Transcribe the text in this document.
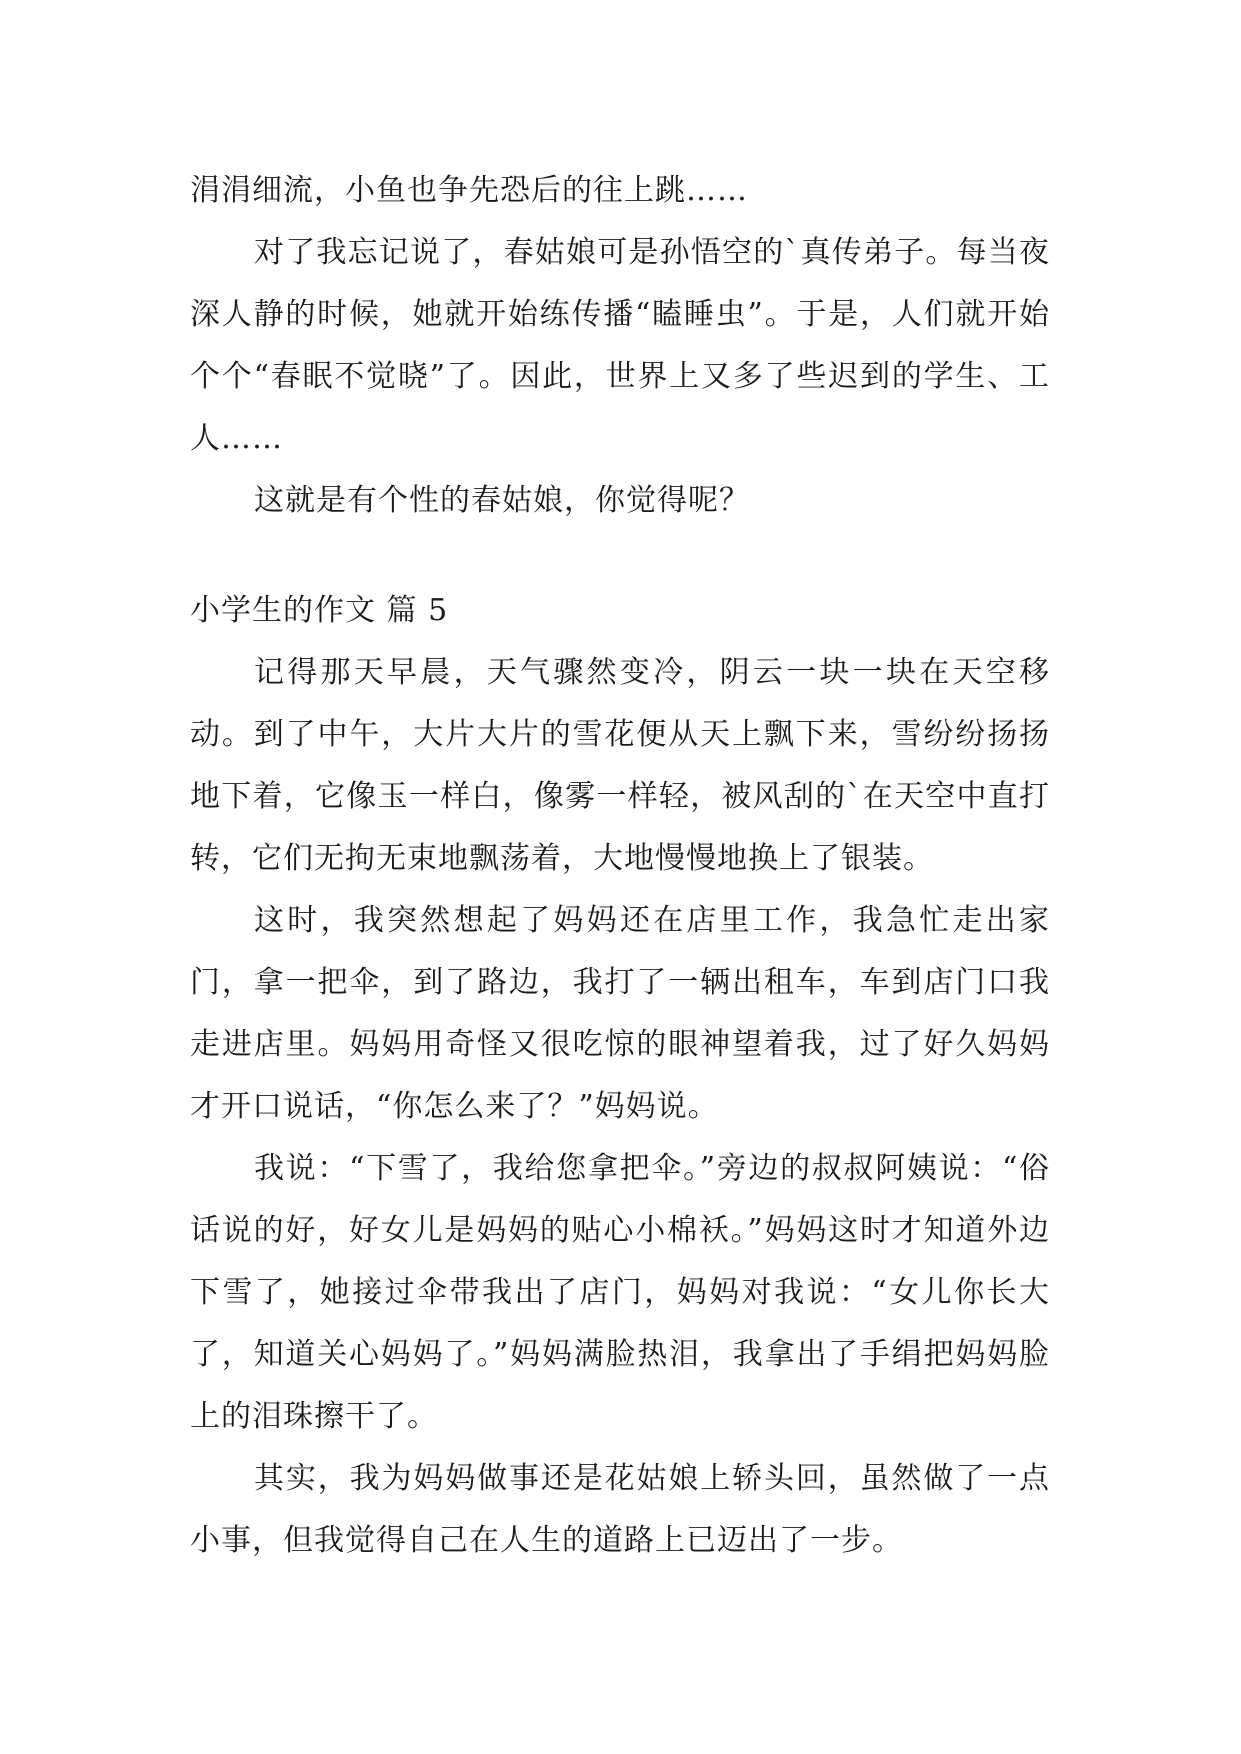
涓涓细流，小鱼也争先恐后的往上跳……

对了我忘记说了，春姑娘可是孙悟空的`真传弟子。每当夜深人静的时候，她就开始练传播“瞌睡虫”。于是，人们就开始个个“春眠不觉晓”了。因此，世界上又多了些迟到的学生、工人……

这就是有个性的春姑娘，你觉得呢？

小学生的作文 篇 5

记得那天早晨，天气骤然变冷，阴云一块一块在天空移动。到了中午，大片大片的雪花便从天上飘下来，雪纷纷扬扬地下着，它像玉一样白，像雾一样轻，被风刮的`在天空中直打转，它们无拘无束地飘荡着，大地慢慢地换上了银装。

这时，我突然想起了妈妈还在店里工作，我急忙走出家门，拿一把伞，到了路边，我打了一辆出租车，车到店门口我走进店里。妈妈用奇怪又很吃惊的眼神望着我，过了好久妈妈才开口说话，“你怎么来了？”妈妈说。

我说：“下雪了，我给您拿把伞。”旁边的叔叔阿姨说：“俗话说的好，好女儿是妈妈的贴心小棉袄。”妈妈这时才知道外边下雪了，她接过伞带我出了店门，妈妈对我说：“女儿你长大了，知道关心妈妈了。”妈妈满脸热泪，我拿出了手绢把妈妈脸上的泪珠擦干了。

其实，我为妈妈做事还是花姑娘上轿头回，虽然做了一点小事，但我觉得自己在人生的道路上已迈出了一步。
